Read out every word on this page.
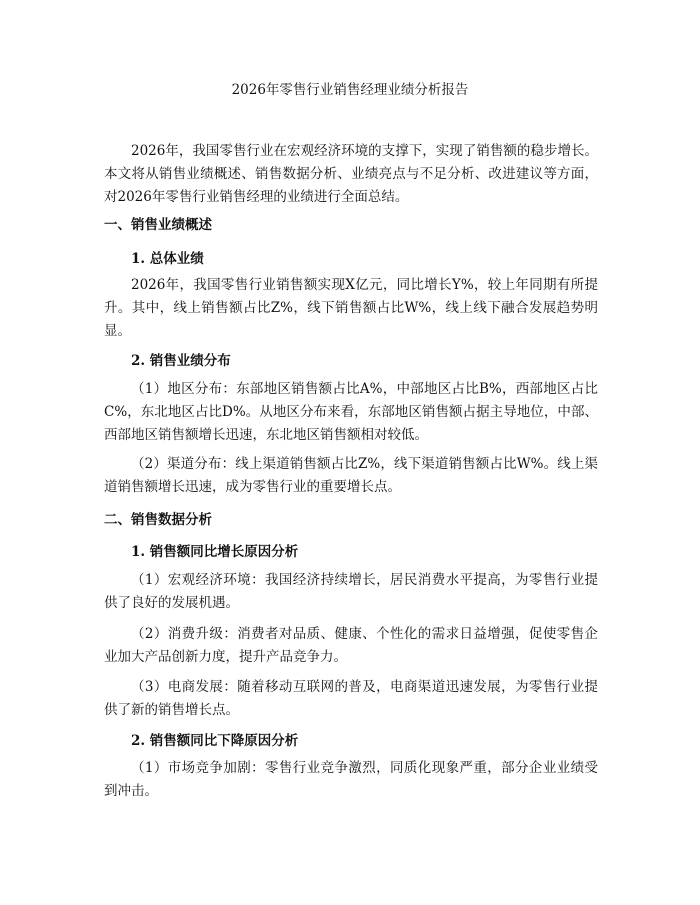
2026年零售行业销售经理业绩分析报告

2026年，我国零售行业在宏观经济环境的支撑下，实现了销售额的稳步增长。本文将从销售业绩概述、销售数据分析、业绩亮点与不足分析、改进建议等方面，对2026年零售行业销售经理的业绩进行全面总结。

一、销售业绩概述
1. 总体业绩

2026年，我国零售行业销售额实现X亿元，同比增长Y%，较上年同期有所提升。其中，线上销售额占比Z%，线下销售额占比W%，线上线下融合发展趋势明显。

2. 销售业绩分布

（1）地区分布：东部地区销售额占比A%，中部地区占比B%，西部地区占比C%，东北地区占比D%。从地区分布来看，东部地区销售额占据主导地位，中部、西部地区销售额增长迅速，东北地区销售额相对较低。

（2）渠道分布：线上渠道销售额占比Z%，线下渠道销售额占比W%。线上渠道销售额增长迅速，成为零售行业的重要增长点。

二、销售数据分析
1. 销售额同比增长原因分析

（1）宏观经济环境：我国经济持续增长，居民消费水平提高，为零售行业提供了良好的发展机遇。

（2）消费升级：消费者对品质、健康、个性化的需求日益增强，促使零售企业加大产品创新力度，提升产品竞争力。

（3）电商发展：随着移动互联网的普及，电商渠道迅速发展，为零售行业提供了新的销售增长点。

2. 销售额同比下降原因分析

（1）市场竞争加剧：零售行业竞争激烈，同质化现象严重，部分企业业绩受到冲击。
